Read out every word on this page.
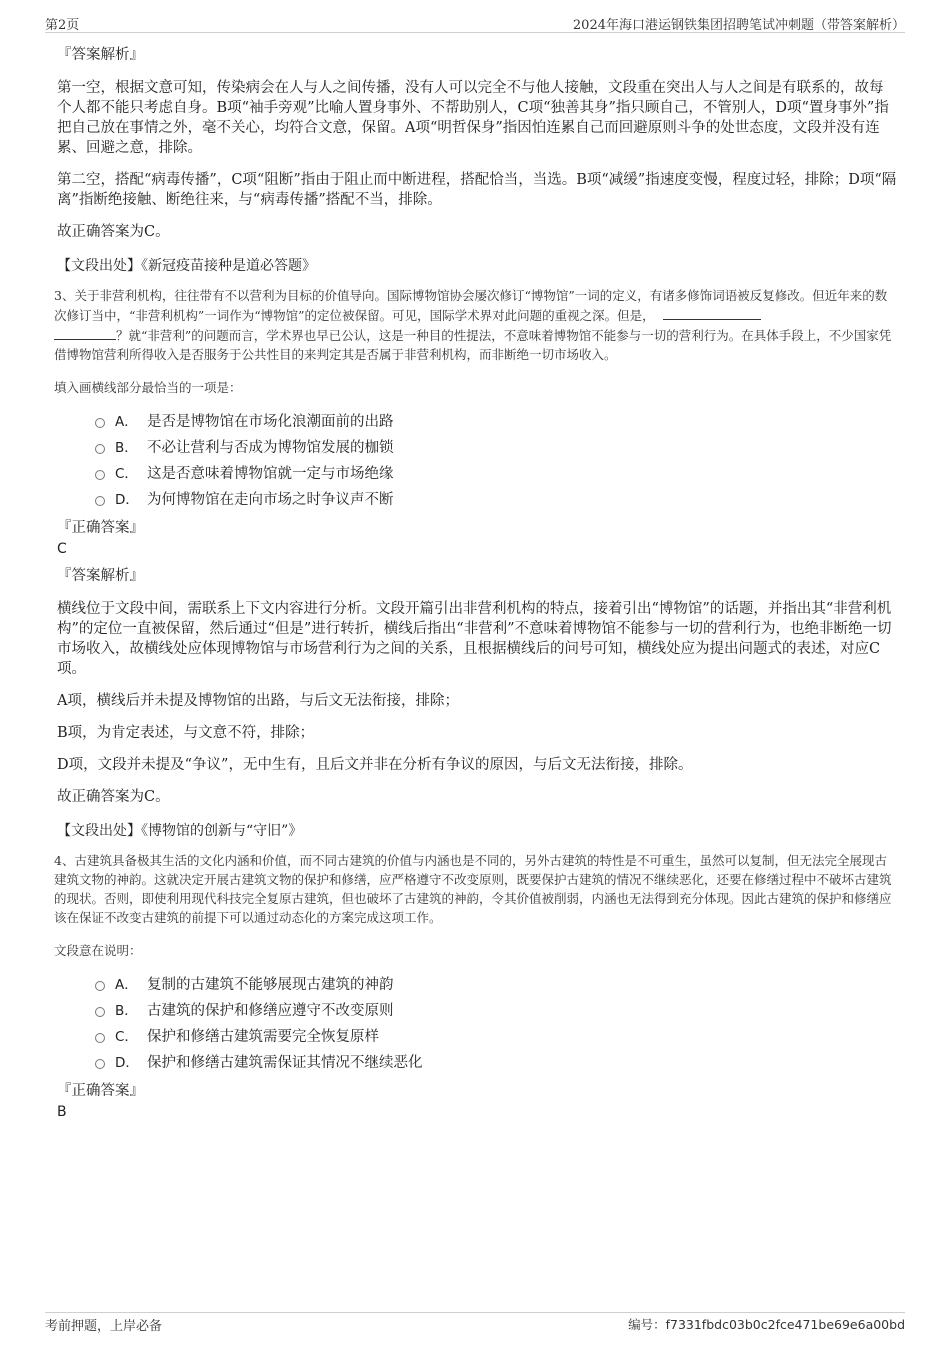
第2页	2024年海口港运钢铁集团招聘笔试冲刺题（带答案解析）

『答案解析』

第一空，根据文意可知，传染病会在人与人之间传播，没有人可以完全不与他人接触，文段重在突出人与人之间是有联系的，故每个人都不能只考虑自身。B项“袖手旁观”比喻人置身事外、不帮助别人，C项“独善其身”指只顾自己，不管别人，D项“置身事外”指把自己放在事情之外，毫不关心，均符合文意，保留。A项“明哲保身”指因怕连累自己而回避原则斗争的处世态度，文段并没有连累、回避之意，排除。

第二空，搭配“病毒传播”，C项“阻断”指由于阻止而中断进程，搭配恰当，当选。B项“减缓”指速度变慢，程度过轻，排除；D项“隔离”指断绝接触、断绝往来，与“病毒传播”搭配不当，排除。

故正确答案为C。

【文段出处】《新冠疫苗接种是道必答题》

3、关于非营利机构，往往带有不以营利为目标的价值导向。国际博物馆协会屡次修订“博物馆”一词的定义，有诸多修饰词语被反复修改。但近年来的数次修订当中，“非营利机构”一词作为“博物馆”的定位被保留。可见，国际学术界对此问题的重视之深。但是，
？就“非营利”的问题而言，学术界也早已公认，这是一种目的性提法，不意味着博物馆不能参与一切的营利行为。在具体手段上，不少国家凭借博物馆营利所得收入是否服务于公共性目的来判定其是否属于非营利机构，而非断绝一切市场收入。

填入画横线部分最恰当的一项是：

A． 是否是博物馆在市场化浪潮面前的出路
B． 不必让营利与否成为博物馆发展的枷锁
C． 这是否意味着博物馆就一定与市场绝缘
D． 为何博物馆在走向市场之时争议声不断

『正确答案』

C

『答案解析』

横线位于文段中间，需联系上下文内容进行分析。文段开篇引出非营利机构的特点，接着引出“博物馆”的话题，并指出其“非营利机构”的定位一直被保留，然后通过“但是”进行转折，横线后指出“非营利”不意味着博物馆不能参与一切的营利行为，也绝非断绝一切市场收入，故横线处应体现博物馆与市场营利行为之间的关系，且根据横线后的问号可知，横线处应为提出问题式的表述，对应C项。

A项，横线后并未提及博物馆的出路，与后文无法衔接，排除；

B项，为肯定表述，与文意不符，排除；

D项，文段并未提及“争议”，无中生有，且后文并非在分析有争议的原因，与后文无法衔接，排除。

故正确答案为C。

【文段出处】《博物馆的创新与“守旧”》

4、古建筑具备极其生活的文化内涵和价值，而不同古建筑的价值与内涵也是不同的，另外古建筑的特性是不可重生，虽然可以复制，但无法完全展现古建筑文物的神韵。这就决定开展古建筑文物的保护和修缮，应严格遵守不改变原则，既要保护古建筑的情况不继续恶化，还要在修缮过程中不破坏古建筑的现状。否则，即使利用现代科技完全复原古建筑，但也破坏了古建筑的神韵，令其价值被削弱，内涵也无法得到充分体现。因此古建筑的保护和修缮应该在保证不改变古建筑的前提下可以通过动态化的方案完成这项工作。

文段意在说明：

A． 复制的古建筑不能够展现古建筑的神韵
B． 古建筑的保护和修缮应遵守不改变原则
C． 保护和修缮古建筑需要完全恢复原样
D． 保护和修缮古建筑需保证其情况不继续恶化

『正确答案』

B

考前押题，上岸必备	编号：f7331fbdc03b0c2fce471be69e6a00bd
